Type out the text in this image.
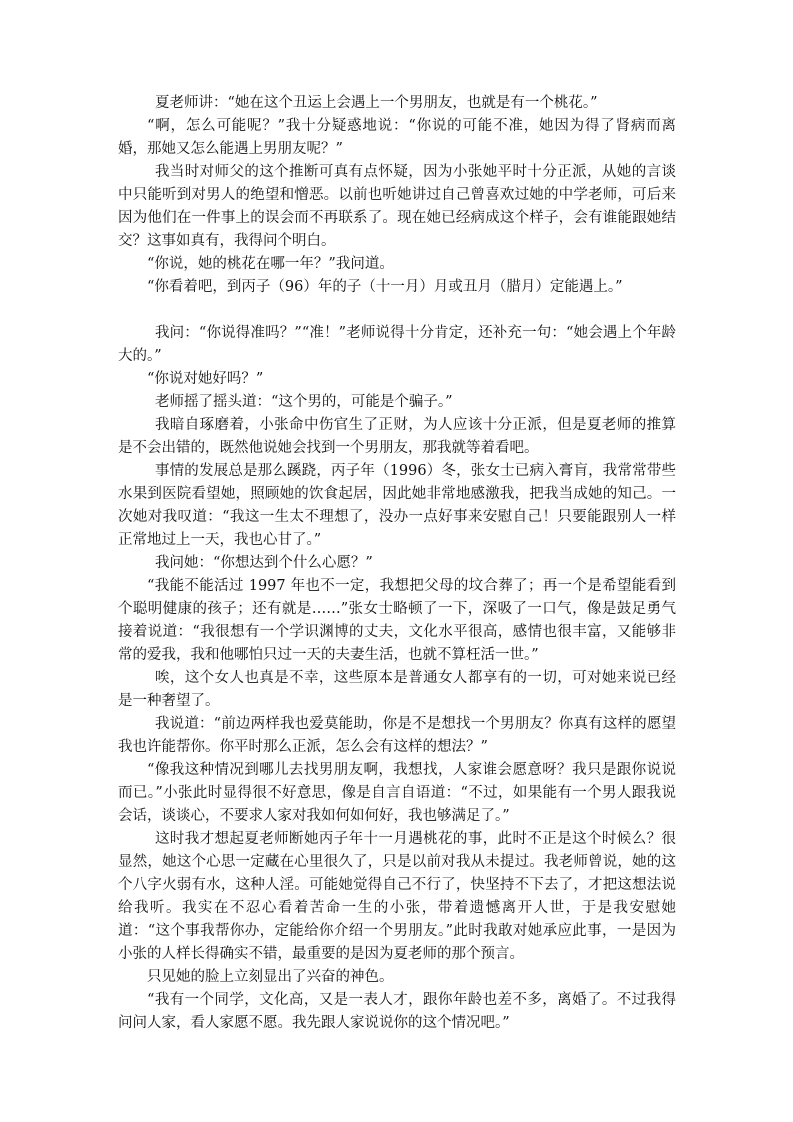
夏老师讲：“她在这个丑运上会遇上一个男朋友，也就是有一个桃花。”

“啊，怎么可能呢？”我十分疑惑地说：“你说的可能不准，她因为得了肾病而离婚，那她又怎么能遇上男朋友呢？”

我当时对师父的这个推断可真有点怀疑，因为小张她平时十分正派，从她的言谈中只能听到对男人的绝望和憎恶。以前也听她讲过自己曾喜欢过她的中学老师，可后来因为他们在一件事上的误会而不再联系了。现在她已经病成这个样子，会有谁能跟她结交？这事如真有，我得问个明白。

“你说，她的桃花在哪一年？”我问道。

“你看着吧，到丙子（96）年的子（十一月）月或丑月（腊月）定能遇上。”

我问：“你说得准吗？”“准！”老师说得十分肯定，还补充一句：“她会遇上个年龄大的。”

“你说对她好吗？”

老师摇了摇头道：“这个男的，可能是个骗子。”

我暗自琢磨着，小张命中伤官生了正财，为人应该十分正派，但是夏老师的推算是不会出错的，既然他说她会找到一个男朋友，那我就等着看吧。

事情的发展总是那么蹊跷，丙子年（1996）冬，张女士已病入膏肓，我常常带些水果到医院看望她，照顾她的饮食起居，因此她非常地感激我，把我当成她的知己。一次她对我叹道：“我这一生太不理想了，没办一点好事来安慰自己！只要能跟别人一样正常地过上一天，我也心甘了。”

我问她：“你想达到个什么心愿？”

“我能不能活过 1997 年也不一定，我想把父母的坟合葬了；再一个是希望能看到个聪明健康的孩子；还有就是……”张女士略顿了一下，深吸了一口气，像是鼓足勇气接着说道：“我很想有一个学识渊博的丈夫，文化水平很高，感情也很丰富，又能够非常的爱我，我和他哪怕只过一天的夫妻生活，也就不算枉活一世。”

唉，这个女人也真是不幸，这些原本是普通女人都享有的一切，可对她来说已经是一种奢望了。

我说道：“前边两样我也爱莫能助，你是不是想找一个男朋友？你真有这样的愿望我也许能帮你。你平时那么正派，怎么会有这样的想法？”

“像我这种情况到哪儿去找男朋友啊，我想找，人家谁会愿意呀？我只是跟你说说而已。”小张此时显得很不好意思，像是自言自语道：“不过，如果能有一个男人跟我说会话，谈谈心，不要求人家对我如何如何好，我也够满足了。”

这时我才想起夏老师断她丙子年十一月遇桃花的事，此时不正是这个时候么？很显然，她这个心思一定藏在心里很久了，只是以前对我从未提过。我老师曾说，她的这个八字火弱有水，这种人淫。可能她觉得自己不行了，快坚持不下去了，才把这想法说给我听。我实在不忍心看着苦命一生的小张，带着遗憾离开人世，于是我安慰她道：“这个事我帮你办，定能给你介绍一个男朋友。”此时我敢对她承应此事，一是因为小张的人样长得确实不错，最重要的是因为夏老师的那个预言。

只见她的脸上立刻显出了兴奋的神色。

“我有一个同学，文化高，又是一表人才，跟你年龄也差不多，离婚了。不过我得问问人家，看人家愿不愿。我先跟人家说说你的这个情况吧。”
